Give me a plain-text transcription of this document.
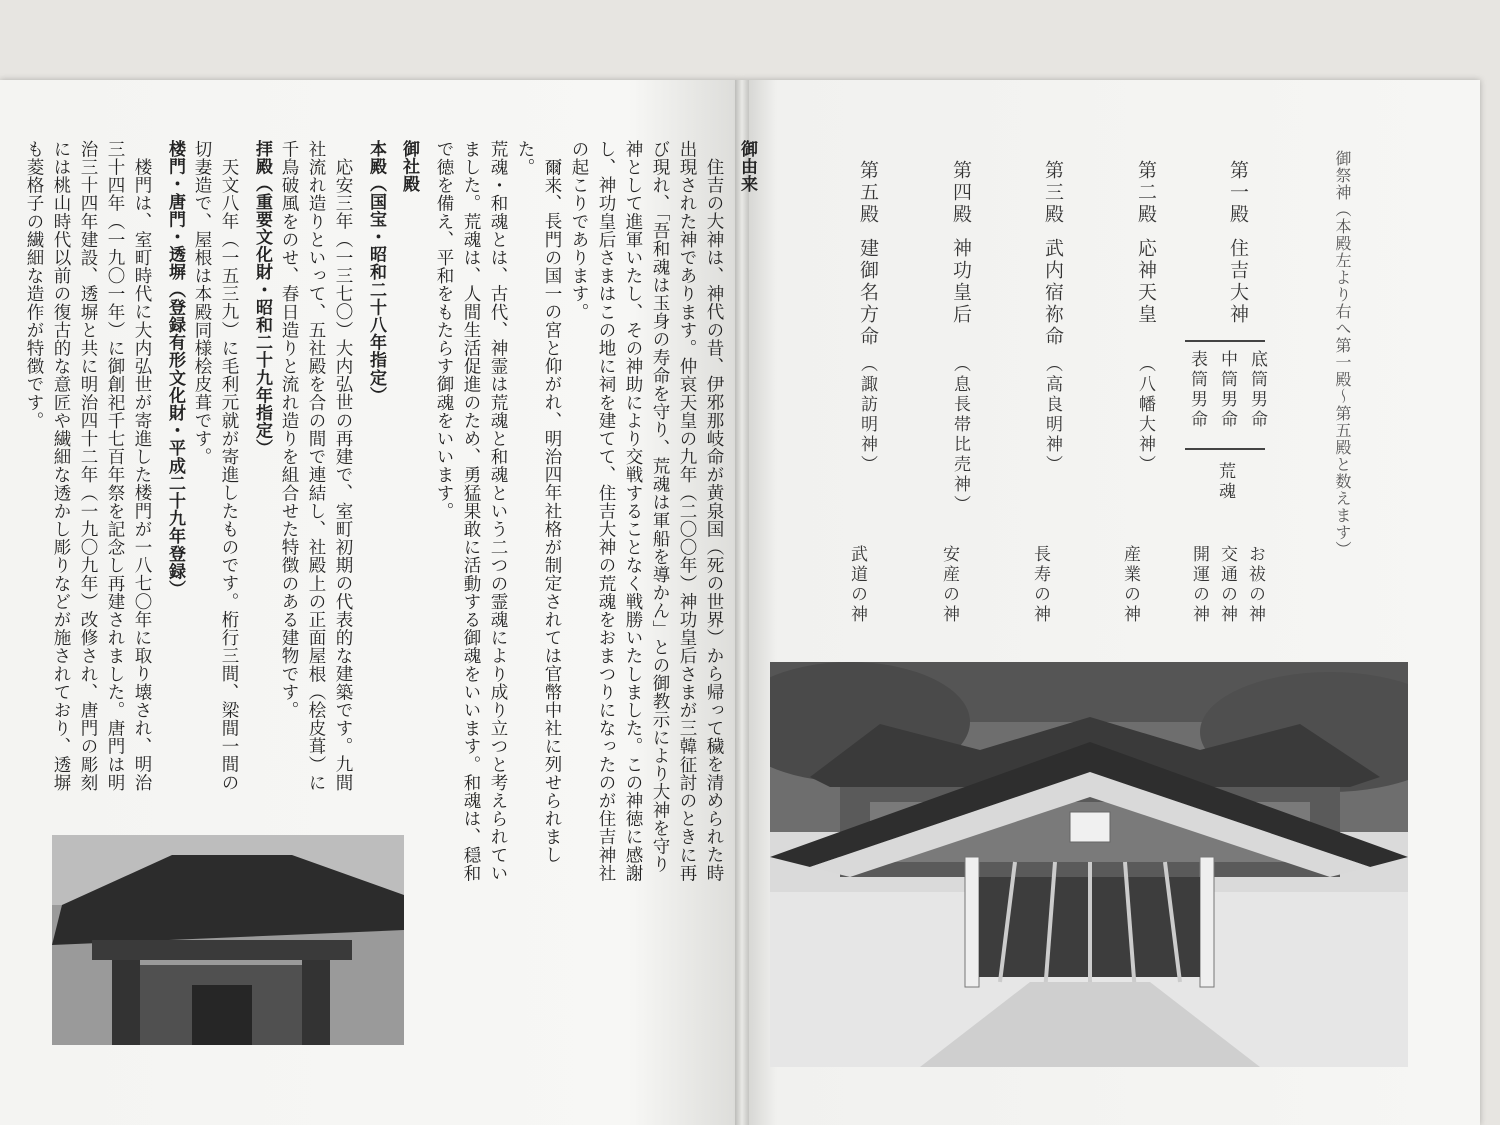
御祭神（本殿左より右へ第一殿〜第五殿と数えます）
第一殿
住吉大神
底筒男命
中筒男命
表筒男命
荒魂
お祓の神 交通の神 開運の神
第二殿
応神天皇
（八幡大神）
産業の神
第三殿
武内宿祢命
（高良明神）
長寿の神
第四殿
神功皇后
（息長帯比売神）
安産の神
第五殿
建御名方命
（諏訪明神）
武道の神
御由来
住吉の大神は、神代の昔、伊邪那岐命が黄泉国（死の世界）から帰って穢を清められた時出現された神であります。仲哀天皇の九年（二〇〇年）神功皇后さまが三韓征討のときに再び現れ、「吾和魂は玉身の寿命を守り、荒魂は軍船を導かん」との御教示により大神を守り神として進軍いたし、その神助により交戦することなく戦勝いたしました。この神徳に感謝し、神功皇后さまはこの地に祠を建てて、住吉大神の荒魂をおまつりになったのが住吉神社の起こりであります。
爾来、長門の国一の宮と仰がれ、明治四年社格が制定されては官幣中社に列せられました。
荒魂・和魂とは、古代、神霊は荒魂と和魂という二つの霊魂により成り立つと考えられていました。荒魂は、人間生活促進のため、勇猛果敢に活動する御魂をいいます。和魂は、穏和で徳を備え、平和をもたらす御魂をいいます。
御社殿
本殿（国宝・昭和二十八年指定）
応安三年（一三七〇）大内弘世の再建で、室町初期の代表的な建築です。九間社流れ造りといって、五社殿を合の間で連結し、社殿上の正面屋根（桧皮葺）に千鳥破風をのせ、春日造りと流れ造りを組合せた特徴のある建物です。
拝殿（重要文化財・昭和二十九年指定）
天文八年（一五三九）に毛利元就が寄進したものです。桁行三間、梁間一間の切妻造で、屋根は本殿同様桧皮葺です。
楼門・唐門・透塀（登録有形文化財・平成二十九年登録）
楼門は、室町時代に大内弘世が寄進した楼門が一八七〇年に取り壊され、明治三十四年（一九〇一年）に御創祀千七百年祭を記念し再建されました。唐門は明治三十四年建設、透塀と共に明治四十二年（一九〇九年）改修され、唐門の彫刻には桃山時代以前の復古的な意匠や繊細な透かし彫りなどが施されており、透塀も菱格子の繊細な造作が特徴です。
